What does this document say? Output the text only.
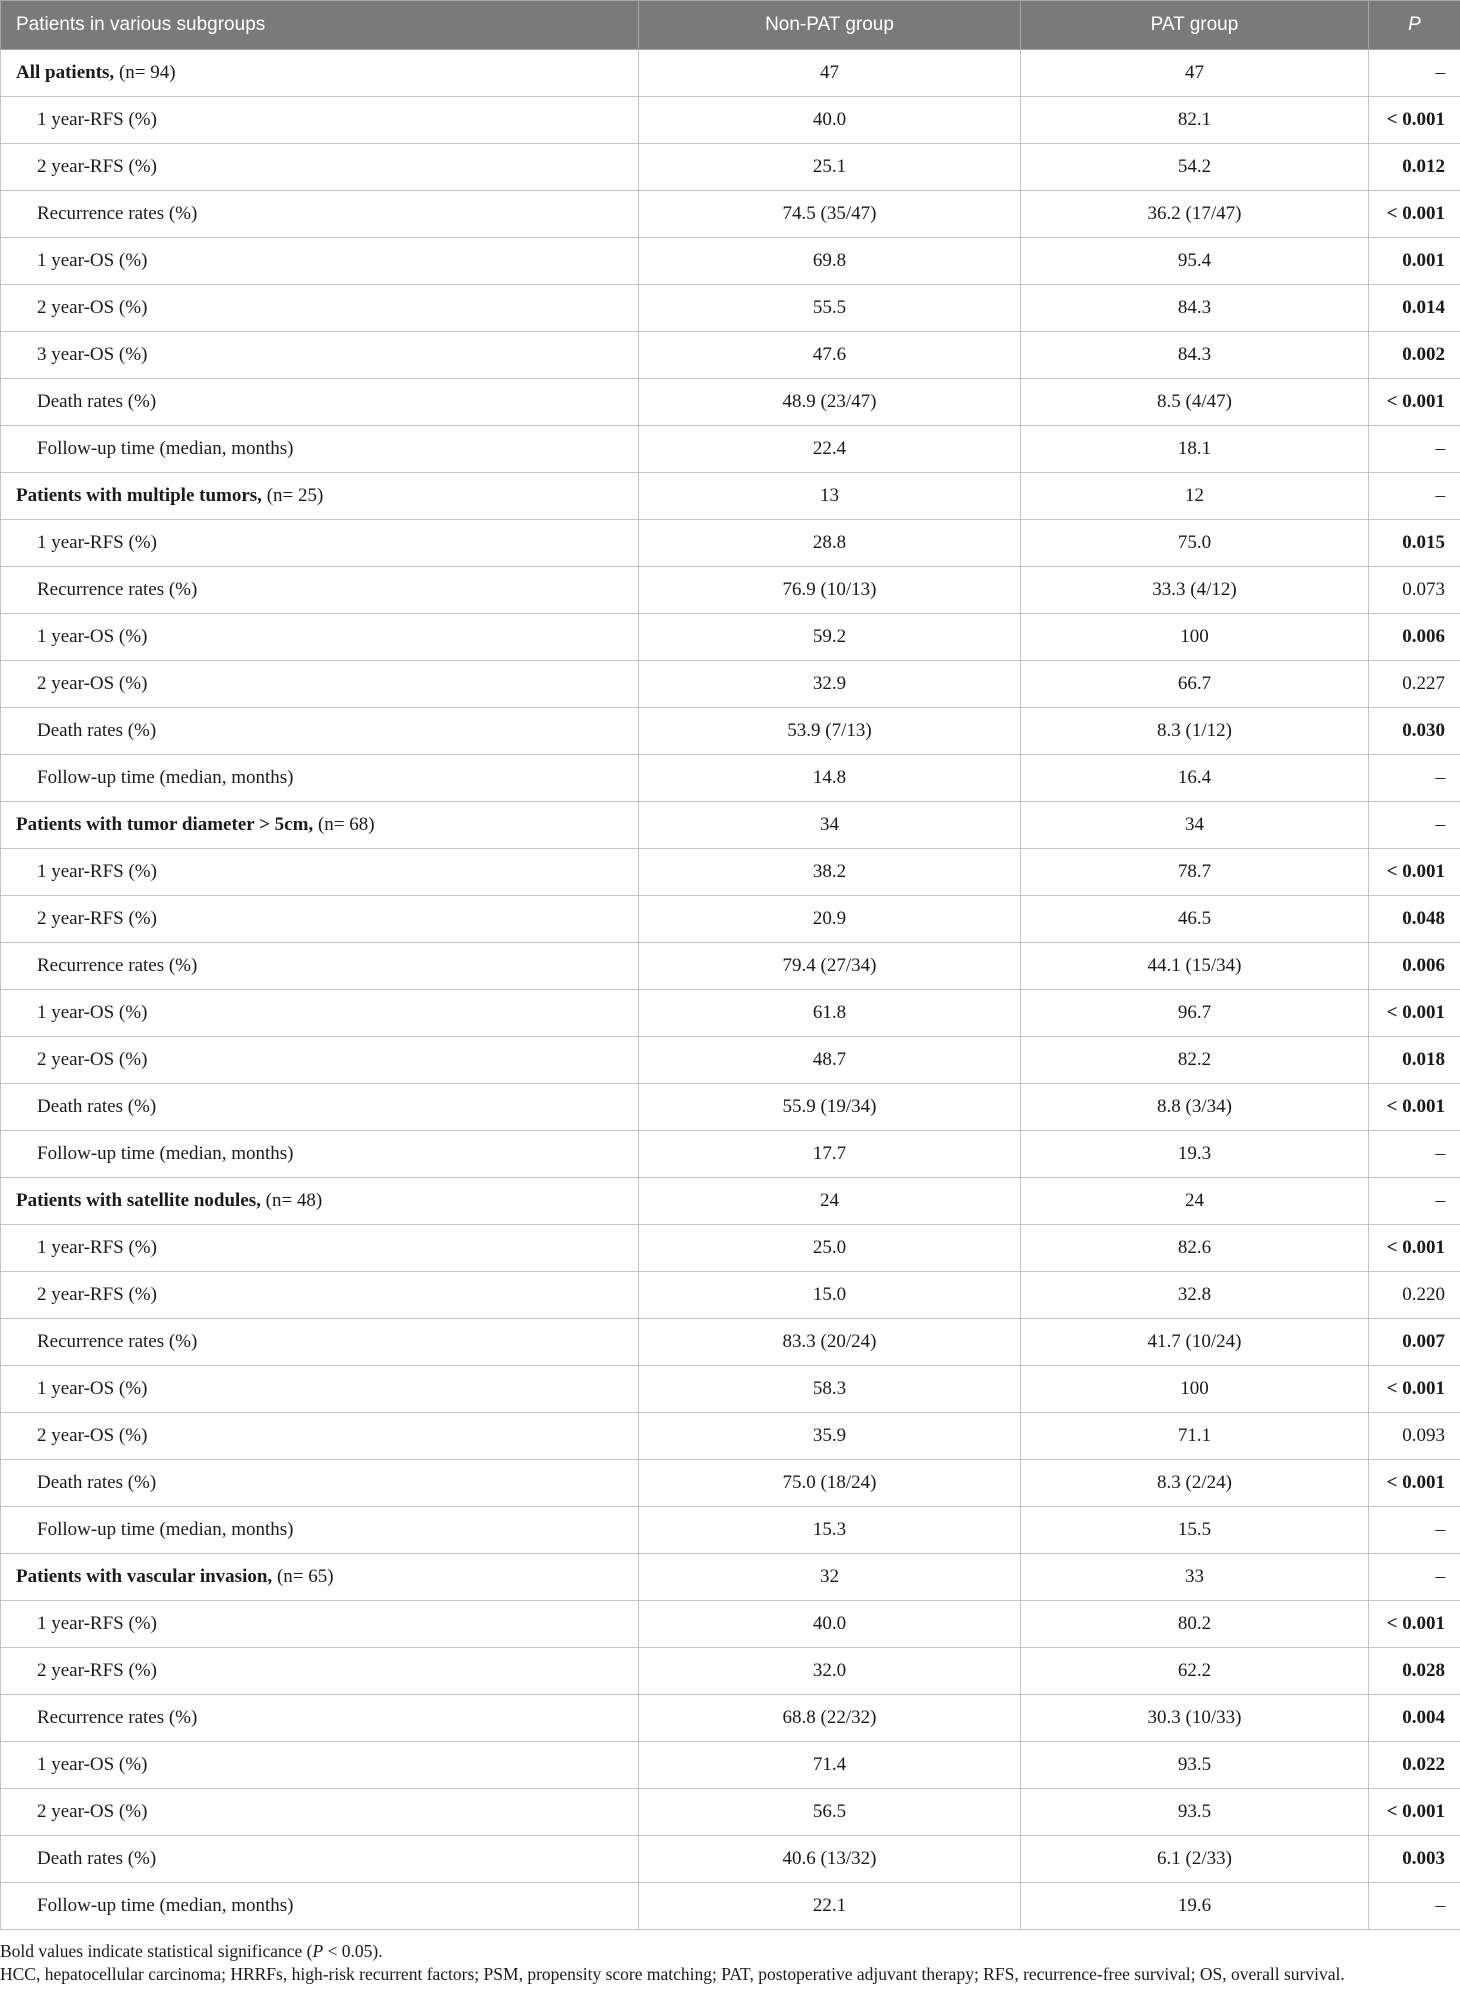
Patients in various subgroups	Non-PAT group	PAT group	P
All patients, (n= 94)	47	47	–
1 year-RFS (%)	40.0	82.1	< 0.001
2 year-RFS (%)	25.1	54.2	0.012
Recurrence rates (%)	74.5 (35/47)	36.2 (17/47)	< 0.001
1 year-OS (%)	69.8	95.4	0.001
2 year-OS (%)	55.5	84.3	0.014
3 year-OS (%)	47.6	84.3	0.002
Death rates (%)	48.9 (23/47)	8.5 (4/47)	< 0.001
Follow-up time (median, months)	22.4	18.1	–
Patients with multiple tumors, (n= 25)	13	12	–
1 year-RFS (%)	28.8	75.0	0.015
Recurrence rates (%)	76.9 (10/13)	33.3 (4/12)	0.073
1 year-OS (%)	59.2	100	0.006
2 year-OS (%)	32.9	66.7	0.227
Death rates (%)	53.9 (7/13)	8.3 (1/12)	0.030
Follow-up time (median, months)	14.8	16.4	–
Patients with tumor diameter > 5cm, (n= 68)	34	34	–
1 year-RFS (%)	38.2	78.7	< 0.001
2 year-RFS (%)	20.9	46.5	0.048
Recurrence rates (%)	79.4 (27/34)	44.1 (15/34)	0.006
1 year-OS (%)	61.8	96.7	< 0.001
2 year-OS (%)	48.7	82.2	0.018
Death rates (%)	55.9 (19/34)	8.8 (3/34)	< 0.001
Follow-up time (median, months)	17.7	19.3	–
Patients with satellite nodules, (n= 48)	24	24	–
1 year-RFS (%)	25.0	82.6	< 0.001
2 year-RFS (%)	15.0	32.8	0.220
Recurrence rates (%)	83.3 (20/24)	41.7 (10/24)	0.007
1 year-OS (%)	58.3	100	< 0.001
2 year-OS (%)	35.9	71.1	0.093
Death rates (%)	75.0 (18/24)	8.3 (2/24)	< 0.001
Follow-up time (median, months)	15.3	15.5	–
Patients with vascular invasion, (n= 65)	32	33	–
1 year-RFS (%)	40.0	80.2	< 0.001
2 year-RFS (%)	32.0	62.2	0.028
Recurrence rates (%)	68.8 (22/32)	30.3 (10/33)	0.004
1 year-OS (%)	71.4	93.5	0.022
2 year-OS (%)	56.5	93.5	< 0.001
Death rates (%)	40.6 (13/32)	6.1 (2/33)	0.003
Follow-up time (median, months)	22.1	19.6	–
Bold values indicate statistical significance (P < 0.05).
HCC, hepatocellular carcinoma; HRRFs, high-risk recurrent factors; PSM, propensity score matching; PAT, postoperative adjuvant therapy; RFS, recurrence-free survival; OS, overall survival.
